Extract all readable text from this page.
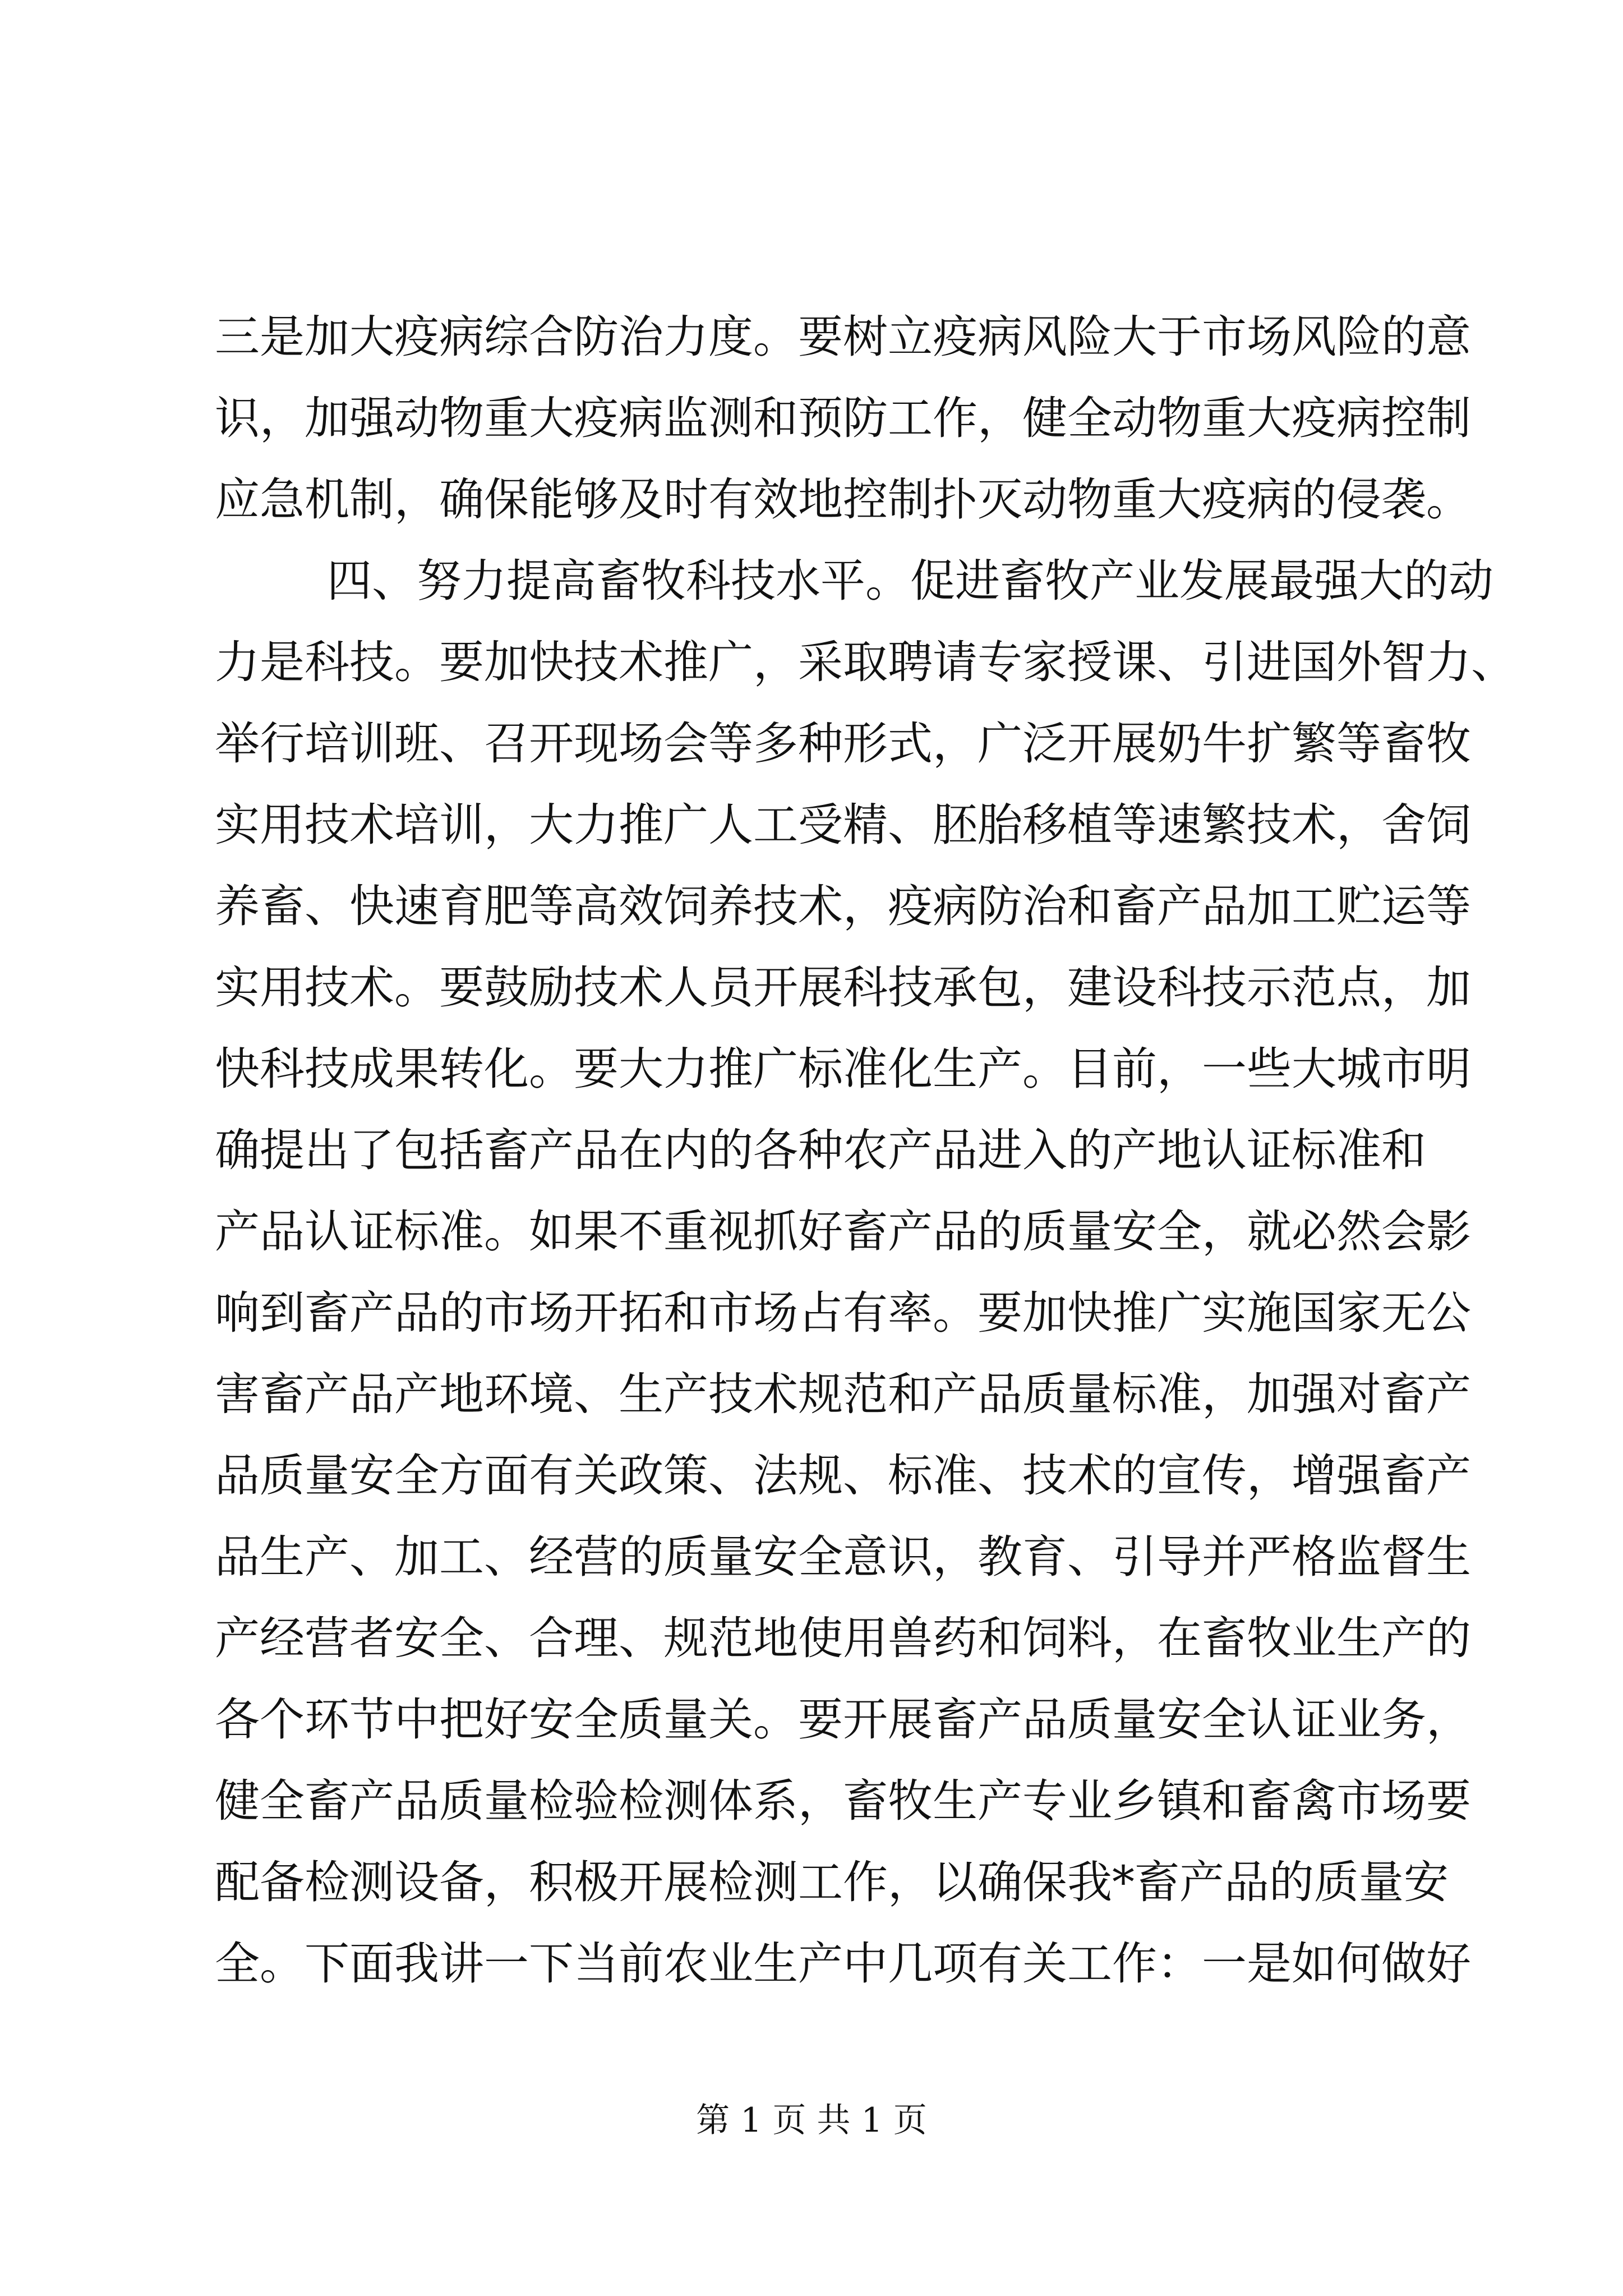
三是加大疫病综合防治力度。要树立疫病风险大于市场风险的意
识，加强动物重大疫病监测和预防工作，健全动物重大疫病控制
应急机制，确保能够及时有效地控制扑灭动物重大疫病的侵袭。
四、努力提高畜牧科技水平。促进畜牧产业发展最强大的动
力是科技。要加快技术推广，采取聘请专家授课、引进国外智力、
举行培训班、召开现场会等多种形式，广泛开展奶牛扩繁等畜牧
实用技术培训，大力推广人工受精、胚胎移植等速繁技术，舍饲
养畜、快速育肥等高效饲养技术，疫病防治和畜产品加工贮运等
实用技术。要鼓励技术人员开展科技承包，建设科技示范点，加
快科技成果转化。要大力推广标准化生产。目前，一些大城市明
确提出了包括畜产品在内的各种农产品进入的产地认证标准和
产品认证标准。如果不重视抓好畜产品的质量安全，就必然会影
响到畜产品的市场开拓和市场占有率。要加快推广实施国家无公
害畜产品产地环境、生产技术规范和产品质量标准，加强对畜产
品质量安全方面有关政策、法规、标准、技术的宣传，增强畜产
品生产、加工、经营的质量安全意识，教育、引导并严格监督生
产经营者安全、合理、规范地使用兽药和饲料，在畜牧业生产的
各个环节中把好安全质量关。要开展畜产品质量安全认证业务，
健全畜产品质量检验检测体系，畜牧生产专业乡镇和畜禽市场要
配备检测设备，积极开展检测工作，以确保我*畜产品的质量安
全。下面我讲一下当前农业生产中几项有关工作：一是如何做好
第 1 页 共 1 页
